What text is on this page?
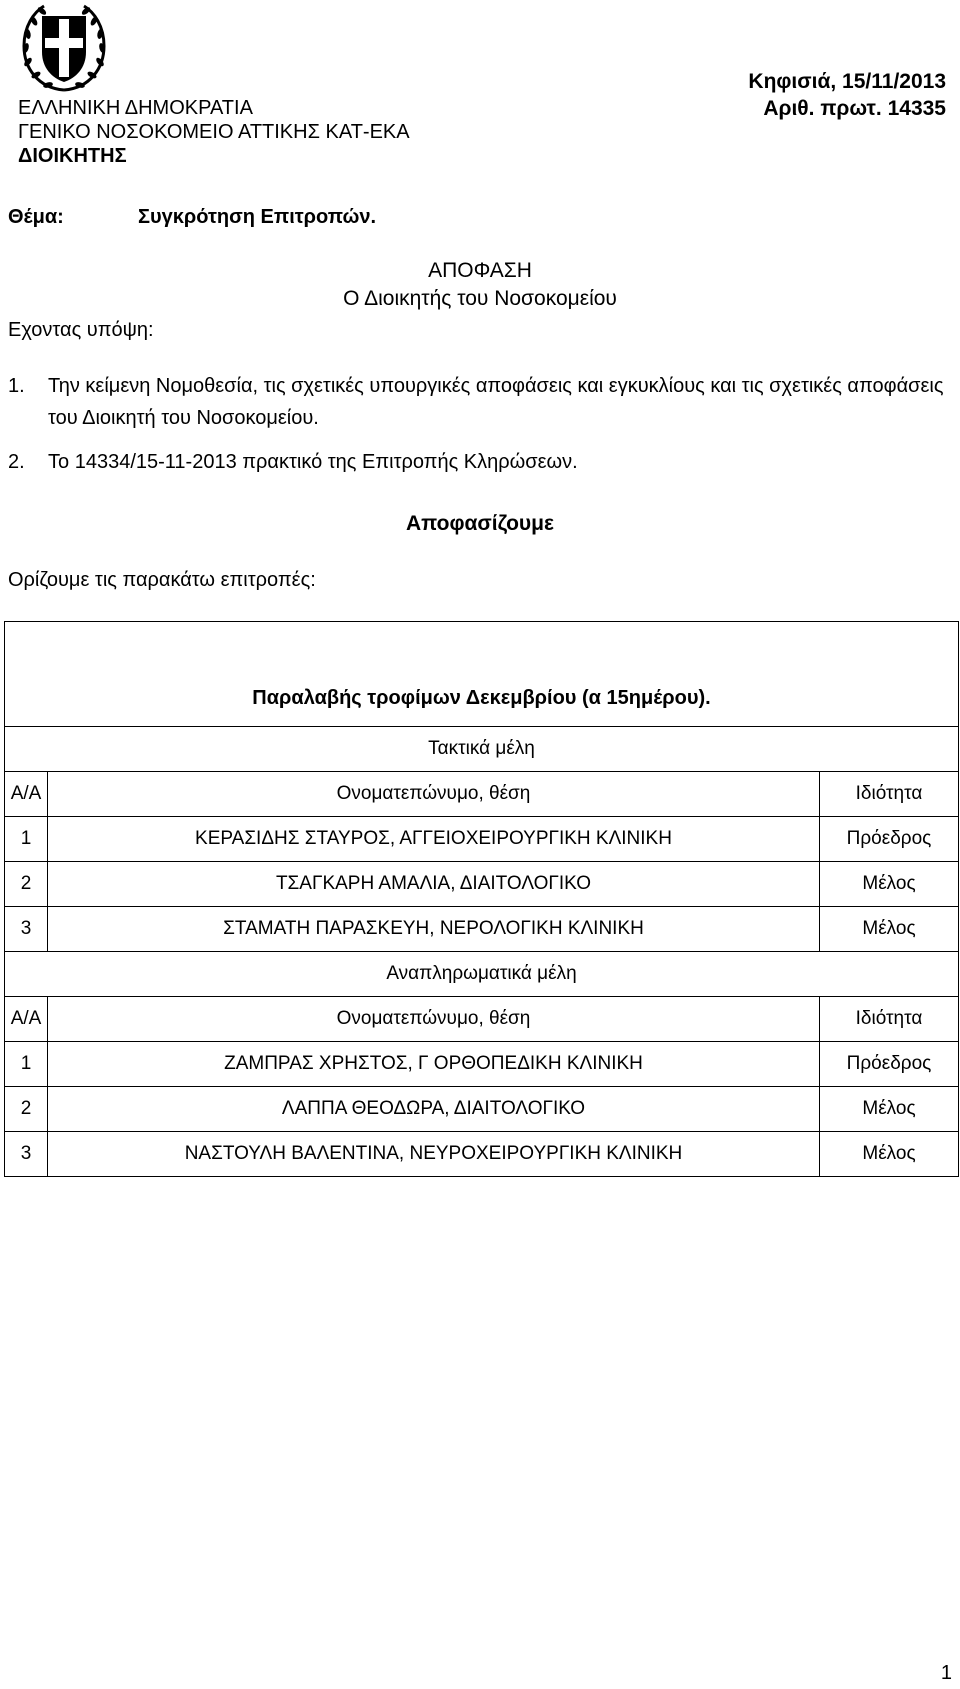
ΕΛΛΗΝΙΚΗ ΔΗΜΟΚΡΑΤΙΑ
ΓΕΝΙΚΟ ΝΟΣΟΚΟΜΕΙΟ ΑΤΤΙΚΗΣ ΚΑΤ-ΕΚΑ
ΔΙΟΙΚΗΤΗΣ
Κηφισιά, 15/11/2013
Αριθ. πρωτ. 14335
Θέμα:	Συγκρότηση Επιτροπών.
ΑΠΟΦΑΣΗ
Ο Διοικητής του Νοσοκομείου
Εχοντας υπόψη:
1. Την κείμενη Νομοθεσία, τις σχετικές υπουργικές αποφάσεις και εγκυκλίους και τις σχετικές αποφάσεις του Διοικητή του Νοσοκομείου.
2. Το 14334/15-11-2013 πρακτικό της Επιτροπής Κληρώσεων.
Αποφασίζουμε
Ορίζουμε τις παρακάτω επιτροπές:
Παραλαβής τροφίμων Δεκεμβρίου (α 15ημέρου).		
Τακτικά μέλη		
Α/Α	Ονοματεπώνυμο, θέση	Ιδιότητα
1	ΚΕΡΑΣΙΔΗΣ ΣΤΑΥΡΟΣ, ΑΓΓΕΙΟΧΕΙΡΟΥΡΓΙΚΗ ΚΛΙΝΙΚΗ	Πρόεδρος
2	ΤΣΑΓΚΑΡΗ ΑΜΑΛΙΑ, ΔΙΑΙΤΟΛΟΓΙΚΟ	Μέλος
3	ΣΤΑΜΑΤΗ ΠΑΡΑΣΚΕΥΗ, ΝΕΡΟΛΟΓΙΚΗ ΚΛΙΝΙΚΗ	Μέλος
Αναπληρωματικά μέλη		
Α/Α	Ονοματεπώνυμο, θέση	Ιδιότητα
1	ΖΑΜΠΡΑΣ ΧΡΗΣΤΟΣ, Γ ΟΡΘΟΠΕΔΙΚΗ ΚΛΙΝΙΚΗ	Πρόεδρος
2	ΛΑΠΠΑ ΘΕΟΔΩΡΑ, ΔΙΑΙΤΟΛΟΓΙΚΟ	Μέλος
3	ΝΑΣΤΟΥΛΗ ΒΑΛΕΝΤΙΝΑ, ΝΕΥΡΟΧΕΙΡΟΥΡΓΙΚΗ ΚΛΙΝΙΚΗ	Μέλος
1
